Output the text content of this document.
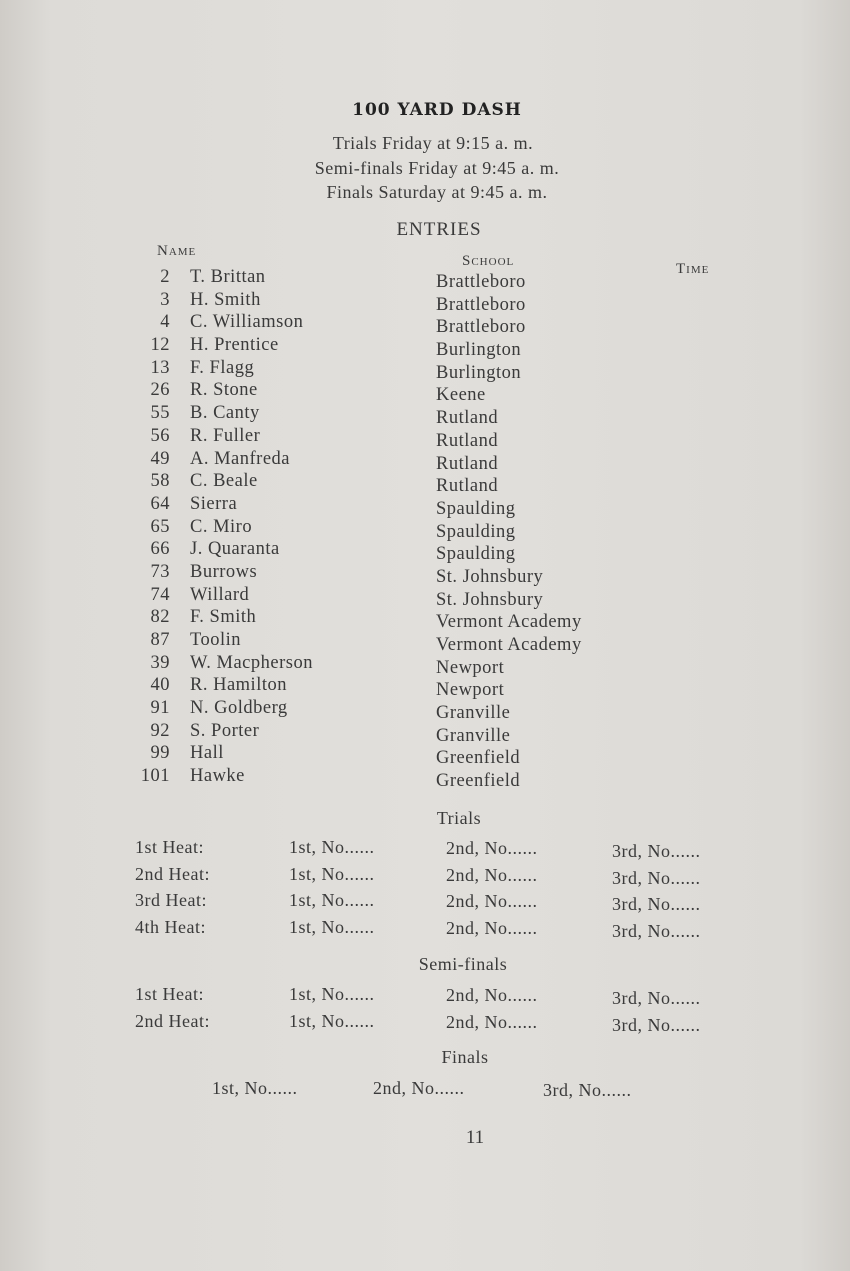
100 YARD DASH
Trials Friday at 9:15 a. m.
Semi-finals Friday at 9:45 a. m.
Finals Saturday at 9:45 a. m.
ENTRIES
Name
School	Time
2 T. Brittan	Brattleboro
3 H. Smith	Brattleboro
4 C. Williamson	Brattleboro
12 H. Prentice	Burlington
13 F. Flagg	Burlington
26 R. Stone	Keene
55 B. Canty	Rutland
56 R. Fuller	Rutland
49 A. Manfreda	Rutland
58 C. Beale	Rutland
64 Sierra	Spaulding
65 C. Miro	Spaulding
66 J. Quaranta	Spaulding
73 Burrows	St. Johnsbury
74 Willard	St. Johnsbury
82 F. Smith	Vermont Academy
87 Toolin	Vermont Academy
39 W. Macpherson	Newport
40 R. Hamilton	Newport
91 N. Goldberg	Granville
92 S. Porter	Granville
99 Hall	Greenfield
101 Hawke	Greenfield
Trials
1st Heat:	1st, No......	2nd, No......	3rd, No......
2nd Heat:	1st, No......	2nd, No......	3rd, No......
3rd Heat:	1st, No......	2nd, No......	3rd, No......
4th Heat:	1st, No......	2nd, No......	3rd, No......
Semi-finals
1st Heat:	1st, No......	2nd, No......	3rd, No......
2nd Heat:	1st, No......	2nd, No......	3rd, No......
Finals
1st, No......	2nd, No......	3rd, No......
11
